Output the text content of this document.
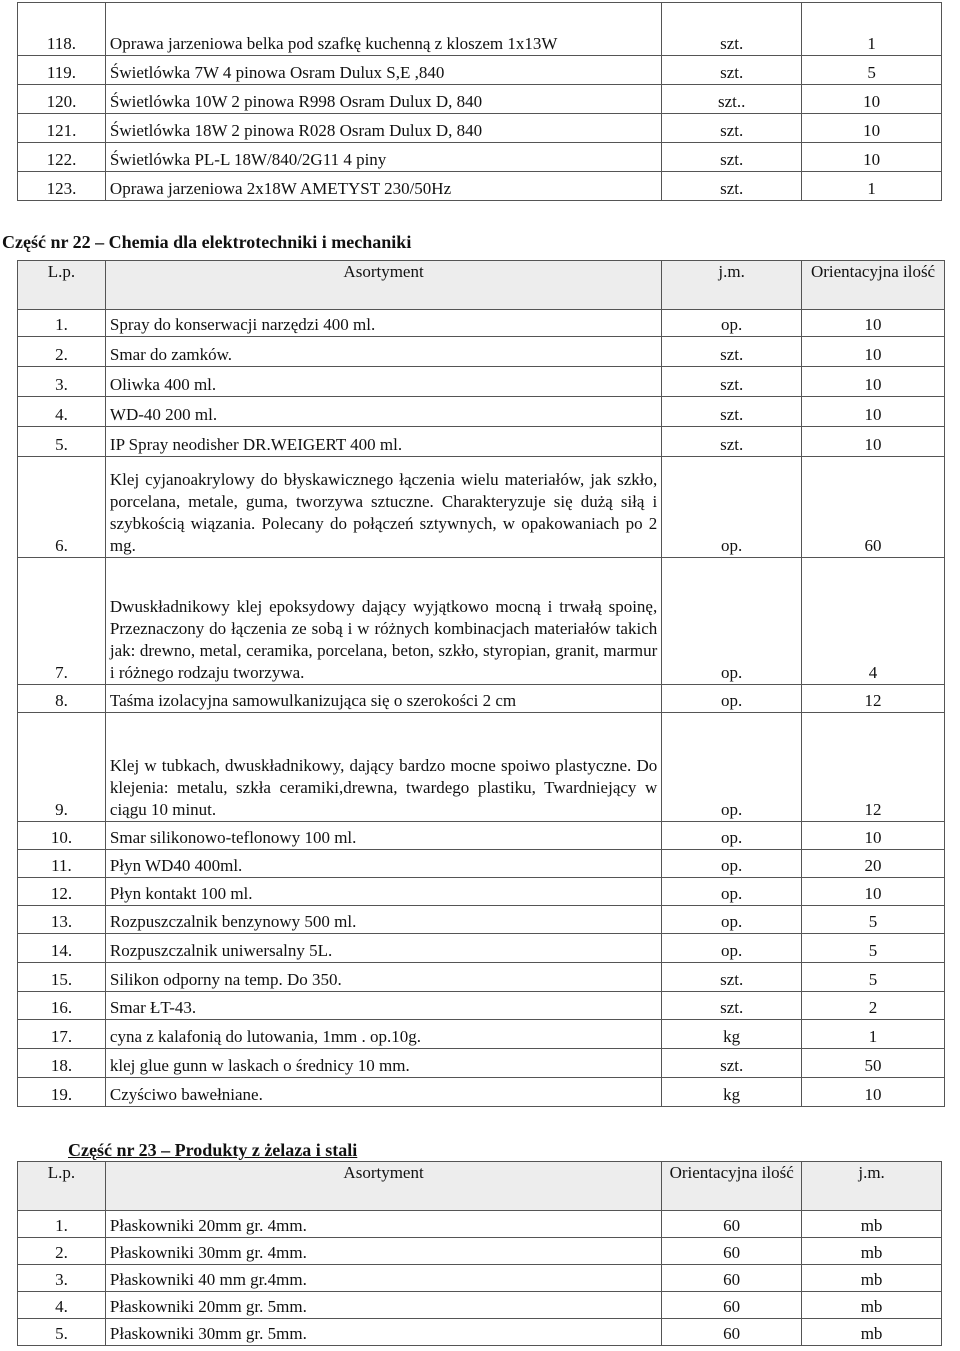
118.	Oprawa jarzeniowa belka pod szafkę kuchenną z kloszem 1x13W	szt.	1
119.	Świetlówka 7W 4 pinowa Osram Dulux S,E ,840	szt.	5
120.	Świetlówka 10W 2 pinowa R998 Osram Dulux D, 840	szt..	10
121.	Świetlówka 18W 2 pinowa R028 Osram Dulux D, 840	szt.	10
122.	Świetlówka PL-L 18W/840/2G11 4 piny	szt.	10
123.	Oprawa jarzeniowa 2x18W AMETYST 230/50Hz	szt.	1
Część nr 22 – Chemia dla elektrotechniki i mechaniki
L.p.	Asortyment	j.m.	Orientacyjna ilość
1.	Spray do konserwacji narzędzi 400 ml.	op.	10
2.	Smar do zamków.	szt.	10
3.	Oliwka 400 ml.	szt.	10
4.	WD-40 200 ml.	szt.	10
5.	IP Spray neodisher DR.WEIGERT 400 ml.	szt.	10
6.	Klej cyjanoakrylowy do błyskawicznego łączenia wielu materiałów, jak szkło, porcelana, metale, guma, tworzywa sztuczne. Charakteryzuje się dużą siłą i szybkością wiązania. Polecany do połączeń sztywnych, w opakowaniach po 2 mg.	op.	60
7.	Dwuskładnikowy klej epoksydowy dający wyjątkowo mocną i trwałą spoinę, Przeznaczony do łączenia ze sobą i w różnych kombinacjach materiałów takich jak: drewno, metal, ceramika, porcelana, beton, szkło, styropian, granit, marmur i różnego rodzaju tworzywa.	op.	4
8.	Taśma izolacyjna samowulkanizująca się o szerokości 2 cm	op.	12
9.	Klej w tubkach, dwuskładnikowy, dający bardzo mocne spoiwo plastyczne. Do klejenia: metalu, szkła ceramiki,drewna, twardego plastiku, Twardniejący w ciągu 10 minut.	op.	12
10.	Smar silikonowo-teflonowy 100 ml.	op.	10
11.	Płyn WD40 400ml.	op.	20
12.	Płyn kontakt 100 ml.	op.	10
13.	Rozpuszczalnik benzynowy 500 ml.	op.	5
14.	Rozpuszczalnik uniwersalny 5L.	op.	5
15.	Silikon odporny na temp. Do 350.	szt.	5
16.	Smar ŁT-43.	szt.	2
17.	cyna z kalafonią do lutowania, 1mm . op.10g.	kg	1
18.	klej glue gunn w laskach o średnicy 10 mm.	szt.	50
19.	Czyściwo bawełniane.	kg	10
Część nr 23 – Produkty z żelaza i stali
L.p.	Asortyment	Orientacyjna ilość	j.m.
1.	Płaskowniki 20mm gr. 4mm.	60	mb
2.	Płaskowniki 30mm gr. 4mm.	60	mb
3.	Płaskowniki 40 mm gr.4mm.	60	mb
4.	Płaskowniki 20mm gr. 5mm.	60	mb
5.	Płaskowniki 30mm gr. 5mm.	60	mb
